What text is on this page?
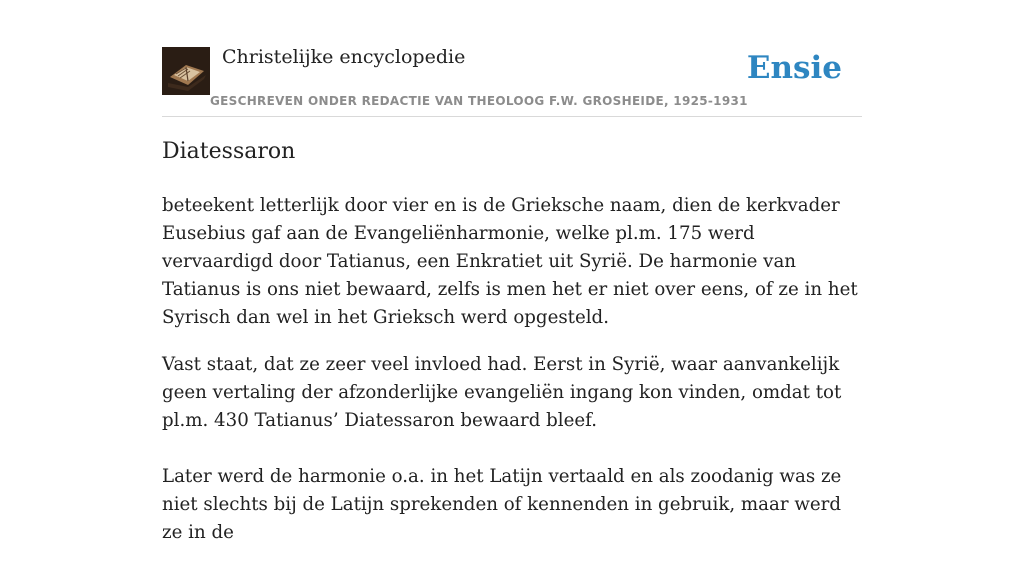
Christelijke encyclopedie
GESCHREVEN ONDER REDACTIE VAN THEOLOOG F.W. GROSHEIDE, 1925-1931
Ensie
Diatessaron

beteekent letterlijk door vier en is de Grieksche naam, dien de kerkvader Eusebius gaf aan de Evangeliënharmonie, welke pl.m. 175 werd vervaardigd door Tatianus, een Enkratiet uit Syrië. De harmonie van Tatianus is ons niet bewaard, zelfs is men het er niet over eens, of ze in het Syrisch dan wel in het Grieksch werd opgesteld.

Vast staat, dat ze zeer veel invloed had. Eerst in Syrië, waar aanvankelijk geen vertaling der afzonderlijke evangeliën ingang kon vinden, omdat tot pl.m. 430 Tatianus’ Diatessaron bewaard bleef.

Later werd de harmonie o.a. in het Latijn vertaald en als zoodanig was ze niet slechts bij de Latijn sprekenden of kennenden in gebruik, maar werd ze in de
